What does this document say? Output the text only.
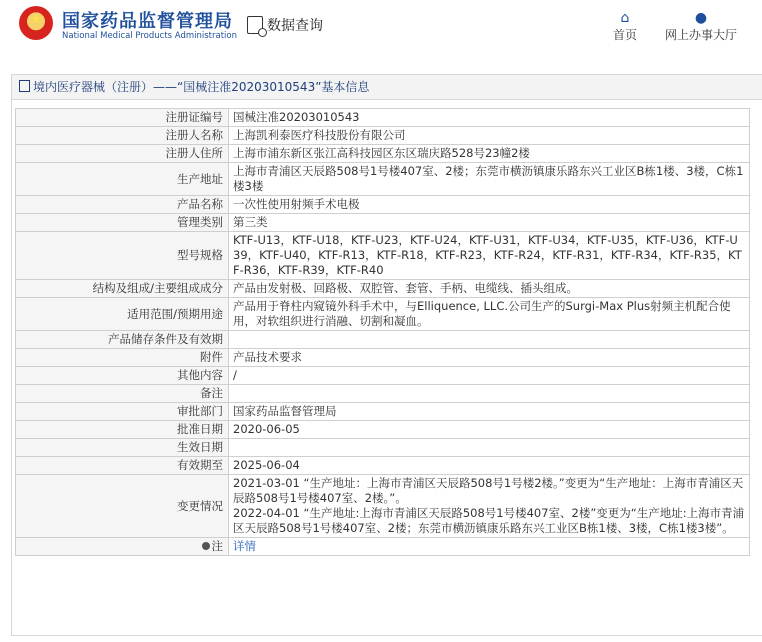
★	国家药品监督管理局
National Medical Products Administration
数据查询	⌂
首页
●
网上办事大厅
境内医疗器械（注册）——“国械注准20203010543”基本信息
注册证编号	国械注准20203010543
注册人名称	上海凯利泰医疗科技股份有限公司
注册人住所	上海市浦东新区张江高科技园区东区瑞庆路528号23幢2楼
生产地址	上海市青浦区天辰路508号1号楼407室、2楼；东莞市横沥镇康乐路东兴工业区B栋1楼、3楼，C栋1楼3楼
产品名称	一次性使用射频手术电极
管理类别	第三类
型号规格	KTF-U13，KTF-U18，KTF-U23，KTF-U24，KTF-U31，KTF-U34，KTF-U35，KTF-U36，KTF-U39，KTF-U40，KTF-R13，KTF-R18，KTF-R23，KTF-R24，KTF-R31，KTF-R34，KTF-R35，KTF-R36，KTF-R39，KTF-R40
结构及组成/主要组成成分	产品由发射极、回路极、双腔管、套管、手柄、电缆线、插头组成。
适用范围/预期用途	产品用于脊柱内窥镜外科手术中，与Elliquence, LLC.公司生产的Surgi-Max Plus射频主机配合使用，对软组织进行消融、切割和凝血。
产品储存条件及有效期	
附件	产品技术要求
其他内容	/
备注	
审批部门	国家药品监督管理局
批准日期	2020-06-05
生效日期	
有效期至	2025-06-04
变更情况	2021-03-01 “生产地址：上海市青浦区天辰路508号1号楼2楼。”变更为“生产地址：上海市青浦区天辰路508号1号楼407室、2楼。”。
2022-04-01 “生产地址:上海市青浦区天辰路508号1号楼407室、2楼”变更为“生产地址:上海市青浦区天辰路508号1号楼407室、2楼；东莞市横沥镇康乐路东兴工业区B栋1楼、3楼，C栋1楼3楼”。
注	详情
